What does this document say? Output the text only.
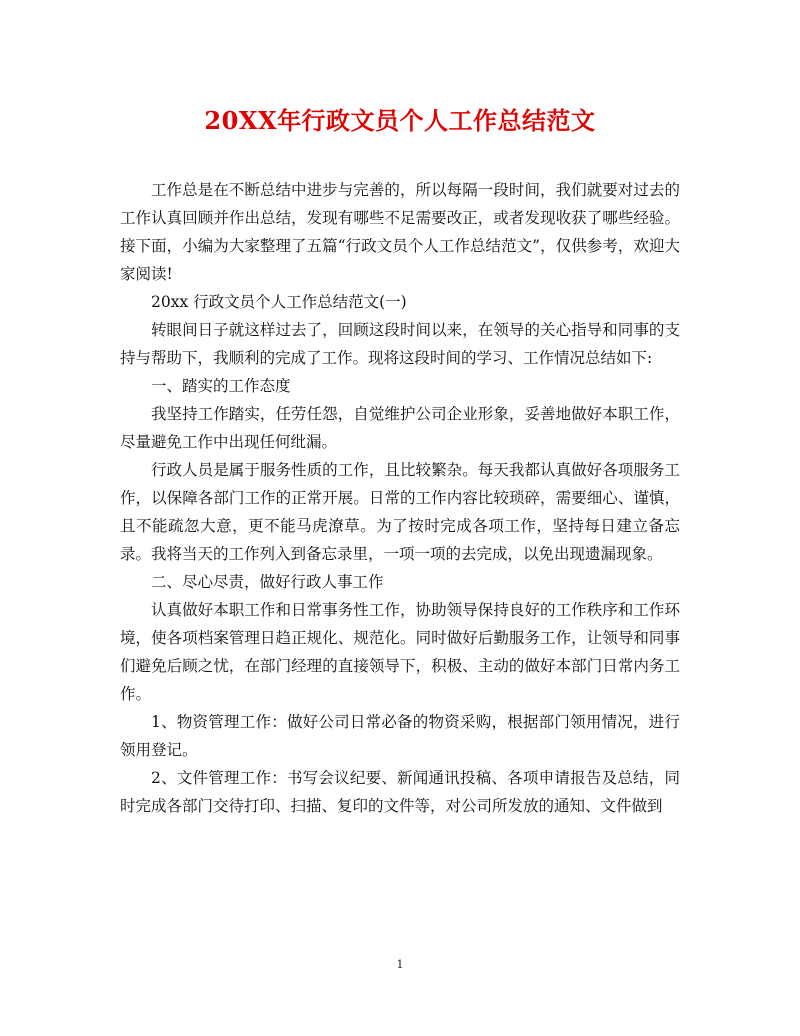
20XX年行政文员个人工作总结范文

工作总是在不断总结中进步与完善的，所以每隔一段时间，我们就要对过去的工作认真回顾并作出总结，发现有哪些不足需要改正，或者发现收获了哪些经验。接下面，小编为大家整理了五篇“行政文员个人工作总结范文”，仅供参考，欢迎大家阅读!

20xx 行政文员个人工作总结范文(一)

转眼间日子就这样过去了，回顾这段时间以来，在领导的关心指导和同事的支持与帮助下，我顺利的完成了工作。现将这段时间的学习、工作情况总结如下:

一、踏实的工作态度

我坚持工作踏实，任劳任怨，自觉维护公司企业形象，妥善地做好本职工作，尽量避免工作中出现任何纰漏。

行政人员是属于服务性质的工作，且比较繁杂。每天我都认真做好各项服务工作，以保障各部门工作的正常开展。日常的工作内容比较琐碎，需要细心、谨慎，且不能疏忽大意，更不能马虎潦草。为了按时完成各项工作，坚持每日建立备忘录。我将当天的工作列入到备忘录里，一项一项的去完成，以免出现遗漏现象。

二、尽心尽责，做好行政人事工作

认真做好本职工作和日常事务性工作，协助领导保持良好的工作秩序和工作环境，使各项档案管理日趋正规化、规范化。同时做好后勤服务工作，让领导和同事们避免后顾之忧，在部门经理的直接领导下，积极、主动的做好本部门日常内务工作。

1、物资管理工作：做好公司日常必备的物资采购，根据部门领用情况，进行领用登记。

2、文件管理工作：书写会议纪要、新闻通讯投稿、各项申请报告及总结，同时完成各部门交待打印、扫描、复印的文件等，对公司所发放的通知、文件做到

1
